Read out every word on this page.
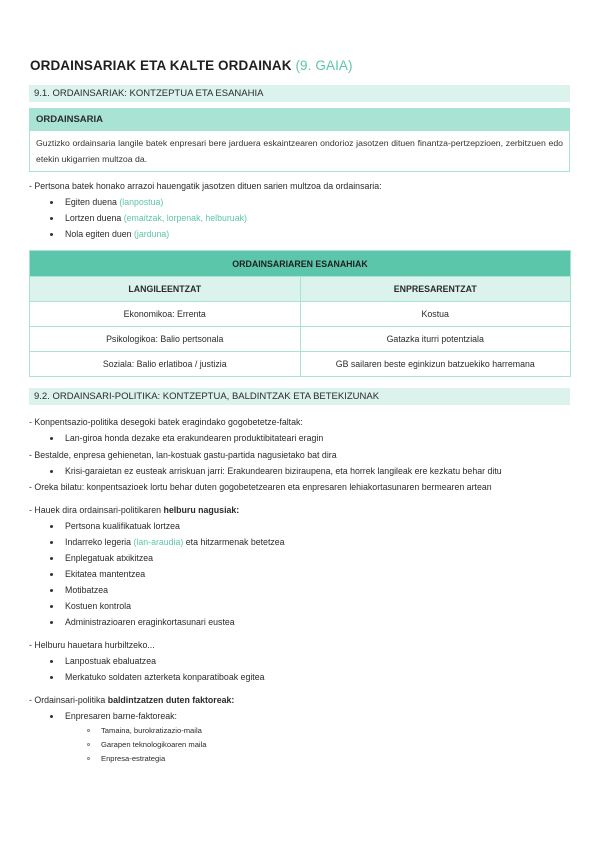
ORDAINSARIAK ETA KALTE ORDAINAK (9. GAIA)
9.1. ORDAINSARIAK: KONTZEPTUA ETA ESANAHIA
ORDAINSARIA
Guztizko ordainsaria langile batek enpresari bere jarduera eskaintzearen ondorioz jasotzen dituen finantza-pertzepzioen, zerbitzuen edo etekin ukigarrien multzoa da.
- Pertsona batek honako arrazoi hauengatik jasotzen dituen sarien multzoa da ordainsaria:
Egiten duena (lanpostua)
Lortzen duena (emaitzak, lorpenak, helburuak)
Nola egiten duen (jarduna)
ORDAINSARIAREN ESANAHIAK	
LANGILEENTZAT	ENPRESARENTZAT
Ekonomikoa: Errenta	Kostua
Psikologikoa: Balio pertsonala	Gatazka iturri potentziala
Soziala: Balio erlatiboa / justizia	GB sailaren beste eginkizun batzuekiko harremana
9.2. ORDAINSARI-POLITIKA: KONTZEPTUA, BALDINTZAK ETA BETEKIZUNAK
- Konpentsazio-politika desegoki batek eragindako gogobetetze-faltak:
Lan-giroa honda dezake eta erakundearen produktibitateari eragin
- Bestalde, enpresa gehienetan, lan-kostuak gastu-partida nagusietako bat dira
Krisi-garaietan ez eusteak arriskuan jarri: Erakundearen biziraupena, eta horrek langileak ere kezkatu behar ditu
- Oreka bilatu: konpentsazioek lortu behar duten gogobetetzearen eta enpresaren lehiakortasunaren bermearen artean
- Hauek dira ordainsari-politikaren helburu nagusiak:
Pertsona kualifikatuak lortzea
Indarreko legeria (lan-araudia) eta hitzarmenak betetzea
Enplegatuak atxikitzea
Ekitatea mantentzea
Motibatzea
Kostuen kontrola
Administrazioaren eraginkortasunari eustea
- Helburu hauetara hurbiltzeko...
Lanpostuak ebaluatzea
Merkatuko soldaten azterketa konparatiboak egitea
- Ordainsari-politika baldintzatzen duten faktoreak:
Enpresaren barne-faktoreak:
Tamaina, burokratizazio-maila
Garapen teknologikoaren maila
Enpresa-estrategia
